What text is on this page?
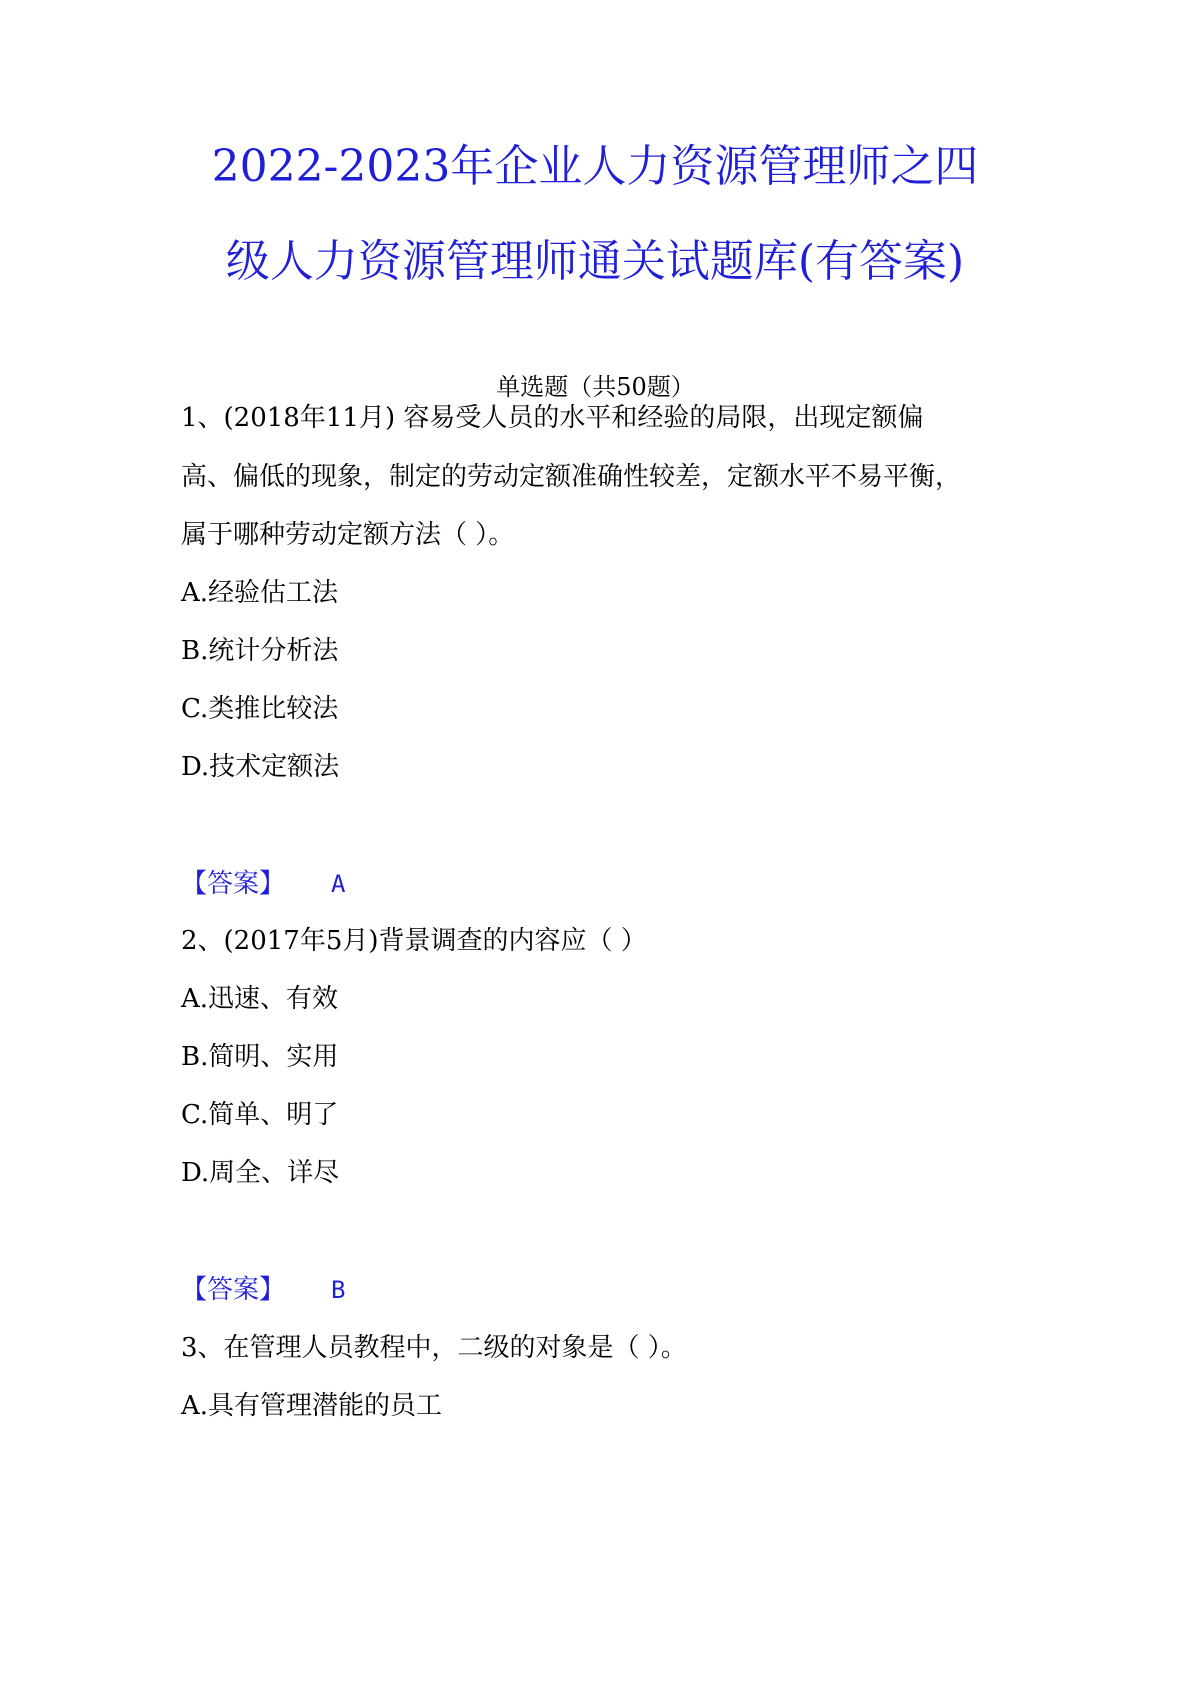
2022-2023年企业人力资源管理师之四
级人力资源管理师通关试题库(有答案)
单选题（共50题）
1、(2018年11月) 容易受人员的水平和经验的局限，出现定额偏
高、偏低的现象，制定的劳动定额准确性较差，定额水平不易平衡，
属于哪种劳动定额方法（ ）。
A.经验估工法
B.统计分析法
C.类推比较法
D.技术定额法
【答案】 A
2、(2017年5月)背景调查的内容应（ ）
A.迅速、有效
B.简明、实用
C.简单、明了
D.周全、详尽
【答案】 B
3、在管理人员教程中，二级的对象是（ ）。
A.具有管理潜能的员工
